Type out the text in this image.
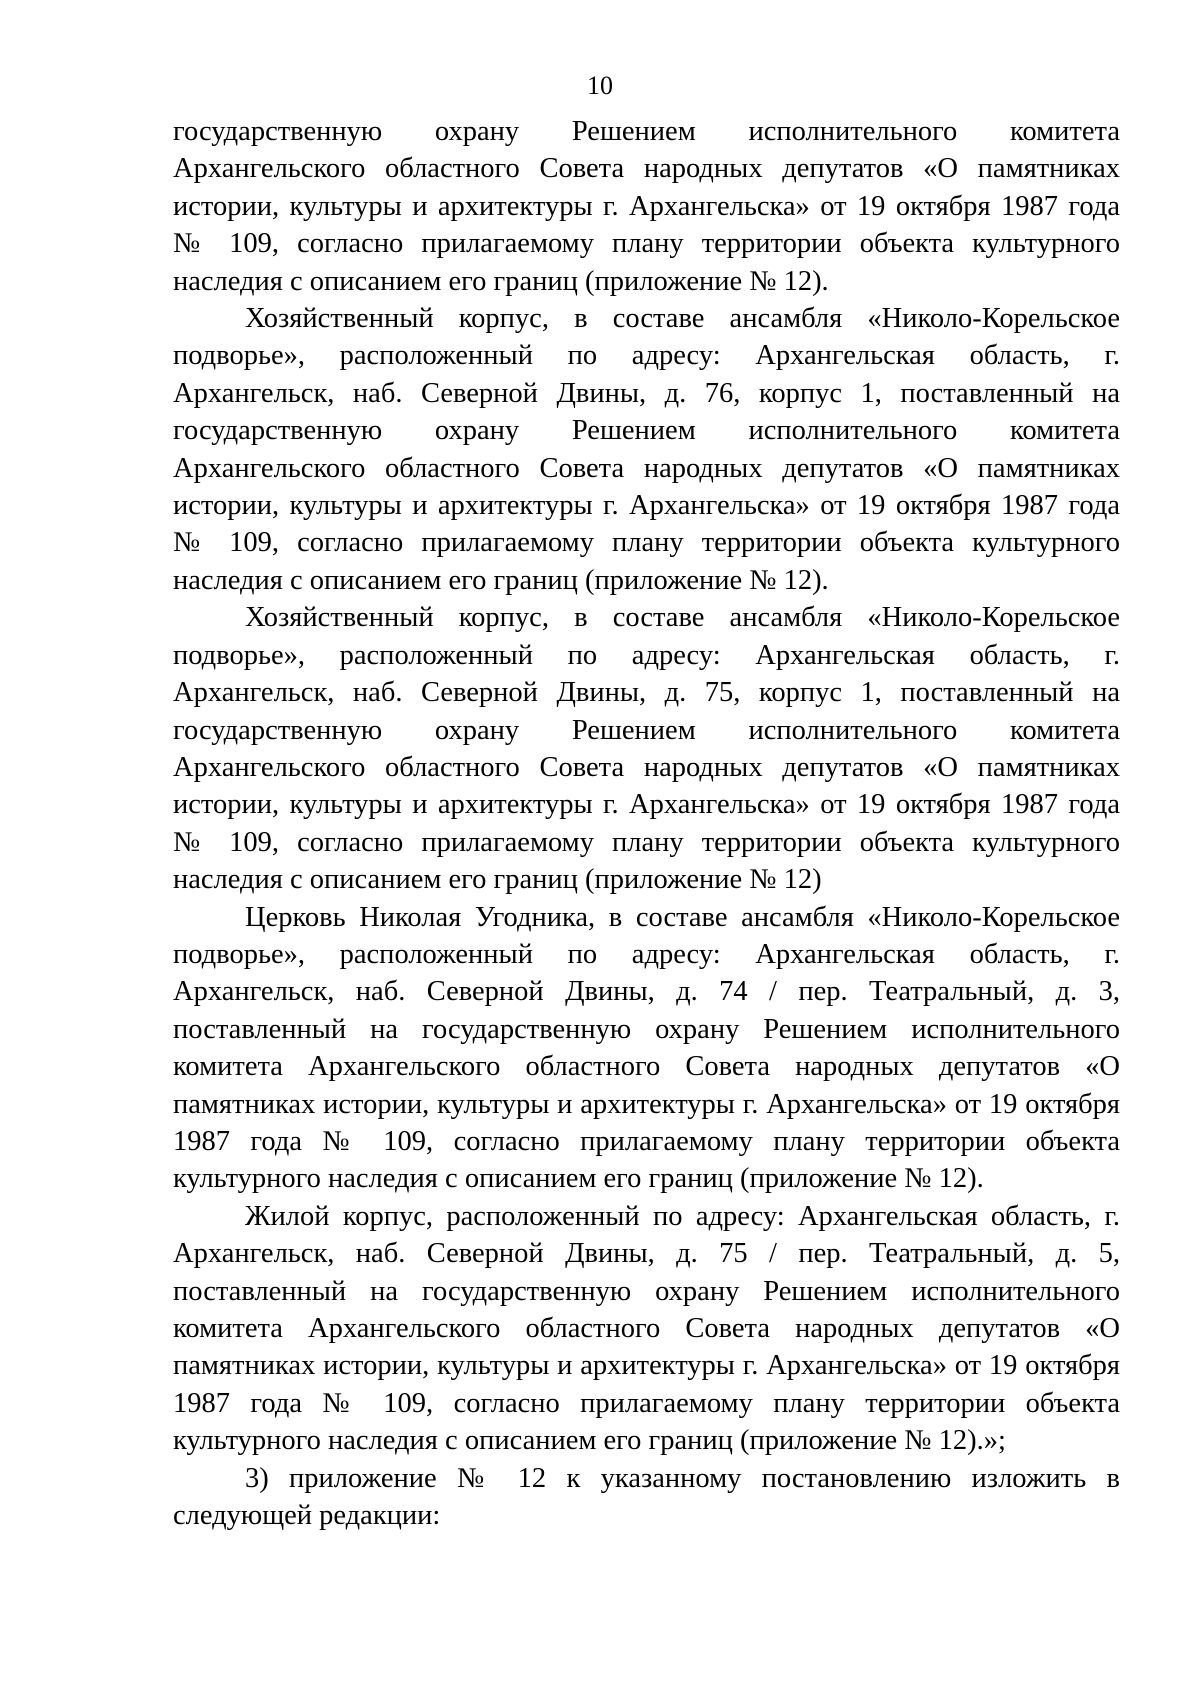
10

государственную охрану Решением исполнительного комитета Архангельского областного Совета народных депутатов «О памятниках истории, культуры и архитектуры г. Архангельска» от 19 октября 1987 года № 109, согласно прилагаемому плану территории объекта культурного наследия с описанием его границ (приложение № 12).

Хозяйственный корпус, в составе ансамбля «Николо-Корельское подворье», расположенный по адресу: Архангельская область, г. Архангельск, наб. Северной Двины, д. 76, корпус 1, поставленный на государственную охрану Решением исполнительного комитета Архангельского областного Совета народных депутатов «О памятниках истории, культуры и архитектуры г. Архангельска» от 19 октября 1987 года № 109, согласно прилагаемому плану территории объекта культурного наследия с описанием его границ (приложение № 12).

Хозяйственный корпус, в составе ансамбля «Николо-Корельское подворье», расположенный по адресу: Архангельская область, г. Архангельск, наб. Северной Двины, д. 75, корпус 1, поставленный на государственную охрану Решением исполнительного комитета Архангельского областного Совета народных депутатов «О памятниках истории, культуры и архитектуры г. Архангельска» от 19 октября 1987 года № 109, согласно прилагаемому плану территории объекта культурного наследия с описанием его границ (приложение № 12)

Церковь Николая Угодника, в составе ансамбля «Николо-Корельское подворье», расположенный по адресу: Архангельская область, г. Архангельск, наб. Северной Двины, д. 74 / пер. Театральный, д. 3, поставленный на государственную охрану Решением исполнительного комитета Архангельского областного Совета народных депутатов «О памятниках истории, культуры и архитектуры г. Архангельска» от 19 октября 1987 года № 109, согласно прилагаемому плану территории объекта культурного наследия с описанием его границ (приложение № 12).

Жилой корпус, расположенный по адресу: Архангельская область, г. Архангельск, наб. Северной Двины, д. 75 / пер. Театральный, д. 5, поставленный на государственную охрану Решением исполнительного комитета Архангельского областного Совета народных депутатов «О памятниках истории, культуры и архитектуры г. Архангельска» от 19 октября 1987 года № 109, согласно прилагаемому плану территории объекта культурного наследия с описанием его границ (приложение № 12).»;

3) приложение № 12 к указанному постановлению изложить в следующей редакции:
